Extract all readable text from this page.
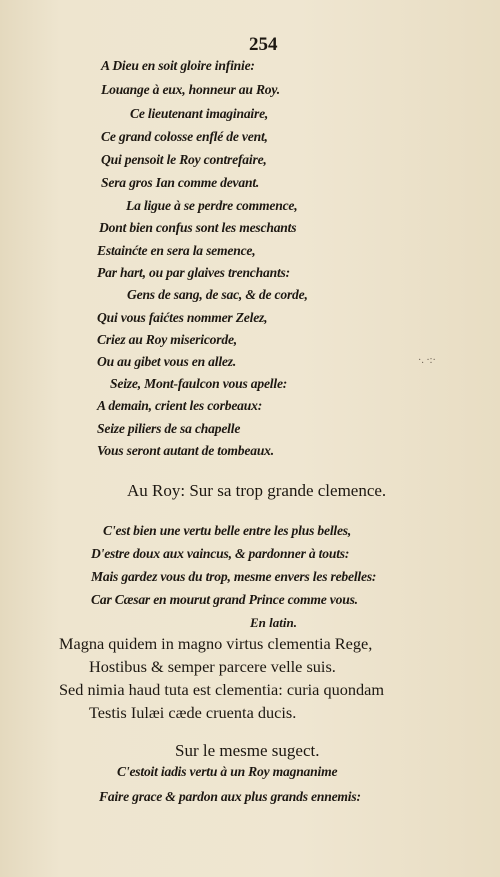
254
A Dieu en soit gloire infinie:
Louange à eux, honneur au Roy.
Ce lieutenant imaginaire,
Ce grand colosse enflé de vent,
Qui pensoit le Roy contrefaire,
Sera gros Ian comme devant.
La ligue à se perdre commence,
Dont bien confus sont les meschants
Estainćte en sera la semence,
Par hart, ou par glaives trenchants:
Gens de sang, de sac, & de corde,
Qui vous faićtes nommer Zelez,
Criez au Roy misericorde,
Ou au gibet vous en allez.	·. ·:·
Seize, Mont-faulcon vous apelle:
A demain, crient les corbeaux:
Seize piliers de sa chapelle
Vous seront autant de tombeaux.
Au Roy: Sur sa trop grande clemence.
C'est bien une vertu belle entre les plus belles,
D'estre doux aux vaincus, & pardonner à touts:
Mais gardez vous du trop, mesme envers les rebelles:
Car Cæsar en mourut grand Prince comme vous.
En latin.
Magna quidem in magno virtus clementia Rege,
Hostibus & semper parcere velle suis.
Sed nimia haud tuta est clementia: curia quondam
Testis Iulæi cæde cruenta ducis.
Sur le mesme sugect.
C'estoit iadis vertu à un Roy magnanime
Faire grace & pardon aux plus grands ennemis:
